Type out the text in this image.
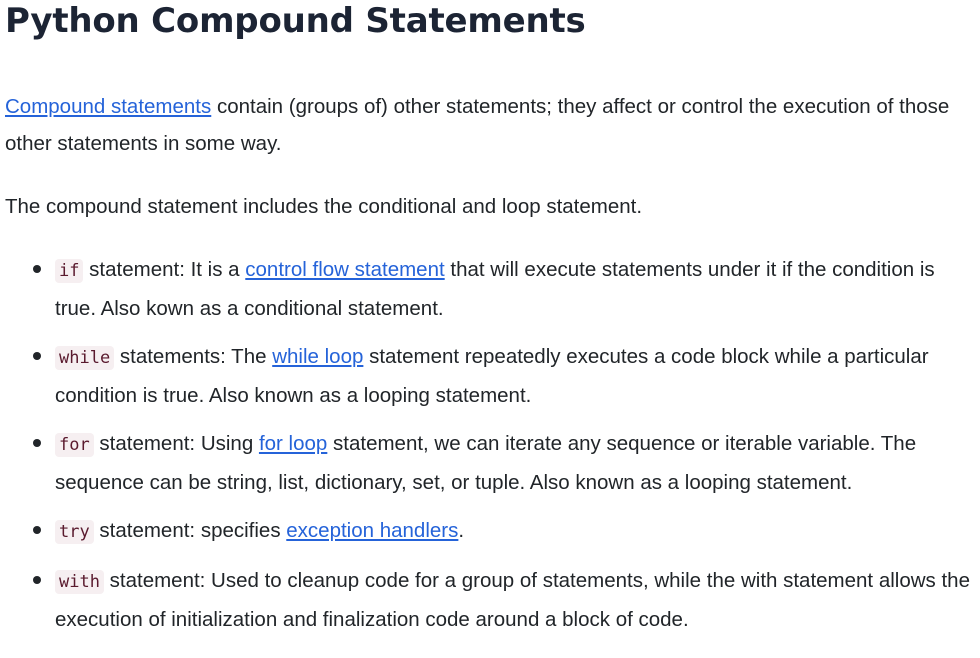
Python Compound Statements

Compound statements contain (groups of) other statements; they affect or control the execution of those other statements in some way.

The compound statement includes the conditional and loop statement.

if statement: It is a control flow statement that will execute statements under it if the condition is true. Also kown as a conditional statement.
while statements: The while loop statement repeatedly executes a code block while a particular condition is true. Also known as a looping statement.
for statement: Using for loop statement, we can iterate any sequence or iterable variable. The sequence can be string, list, dictionary, set, or tuple. Also known as a looping statement.
try statement: specifies exception handlers.
with statement: Used to cleanup code for a group of statements, while the with statement allows the execution of initialization and finalization code around a block of code.
